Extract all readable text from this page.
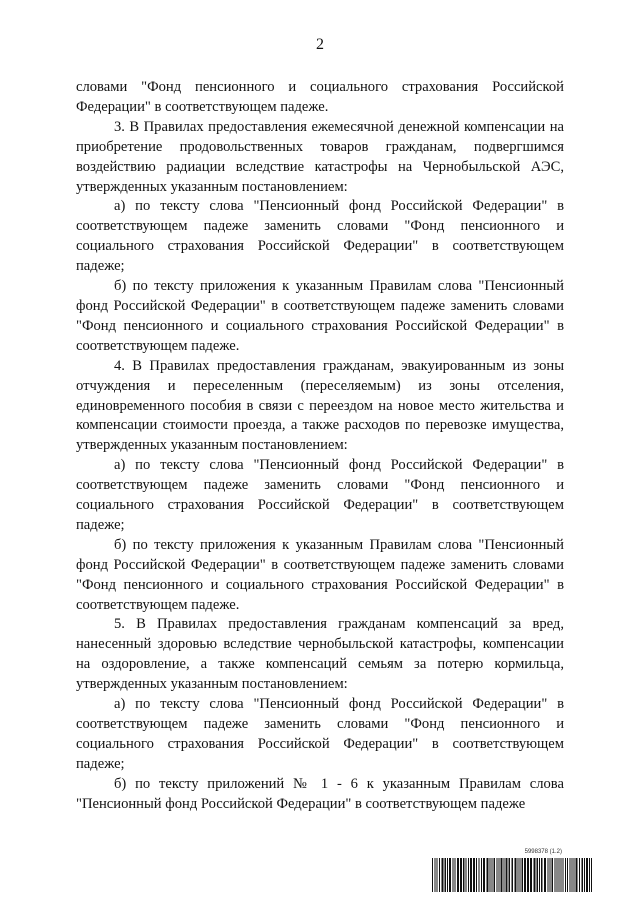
2

словами "Фонд пенсионного и социального страхования Российской Федерации" в соответствующем падеже.

3. В Правилах предоставления ежемесячной денежной компенсации на приобретение продовольственных товаров гражданам, подвергшимся воздействию радиации вследствие катастрофы на Чернобыльской АЭС, утвержденных указанным постановлением:

а) по тексту слова "Пенсионный фонд Российской Федерации" в соответствующем падеже заменить словами "Фонд пенсионного и социального страхования Российской Федерации" в соответствующем падеже;

б) по тексту приложения к указанным Правилам слова "Пенсионный фонд Российской Федерации" в соответствующем падеже заменить словами "Фонд пенсионного и социального страхования Российской Федерации" в соответствующем падеже.

4. В Правилах предоставления гражданам, эвакуированным из зоны отчуждения и переселенным (переселяемым) из зоны отселения, единовременного пособия в связи с переездом на новое место жительства и компенсации стоимости проезда, а также расходов по перевозке имущества, утвержденных указанным постановлением:

а) по тексту слова "Пенсионный фонд Российской Федерации" в соответствующем падеже заменить словами "Фонд пенсионного и социального страхования Российской Федерации" в соответствующем падеже;

б) по тексту приложения к указанным Правилам слова "Пенсионный фонд Российской Федерации" в соответствующем падеже заменить словами "Фонд пенсионного и социального страхования Российской Федерации" в соответствующем падеже.

5. В Правилах предоставления гражданам компенсаций за вред, нанесенный здоровью вследствие чернобыльской катастрофы, компенсации на оздоровление, а также компенсаций семьям за потерю кормильца, утвержденных указанным постановлением:

а) по тексту слова "Пенсионный фонд Российской Федерации" в соответствующем падеже заменить словами "Фонд пенсионного и социального страхования Российской Федерации" в соответствующем падеже;

б) по тексту приложений № 1 - 6 к указанным Правилам слова "Пенсионный фонд Российской Федерации" в соответствующем падеже

5998378 (1.2)
